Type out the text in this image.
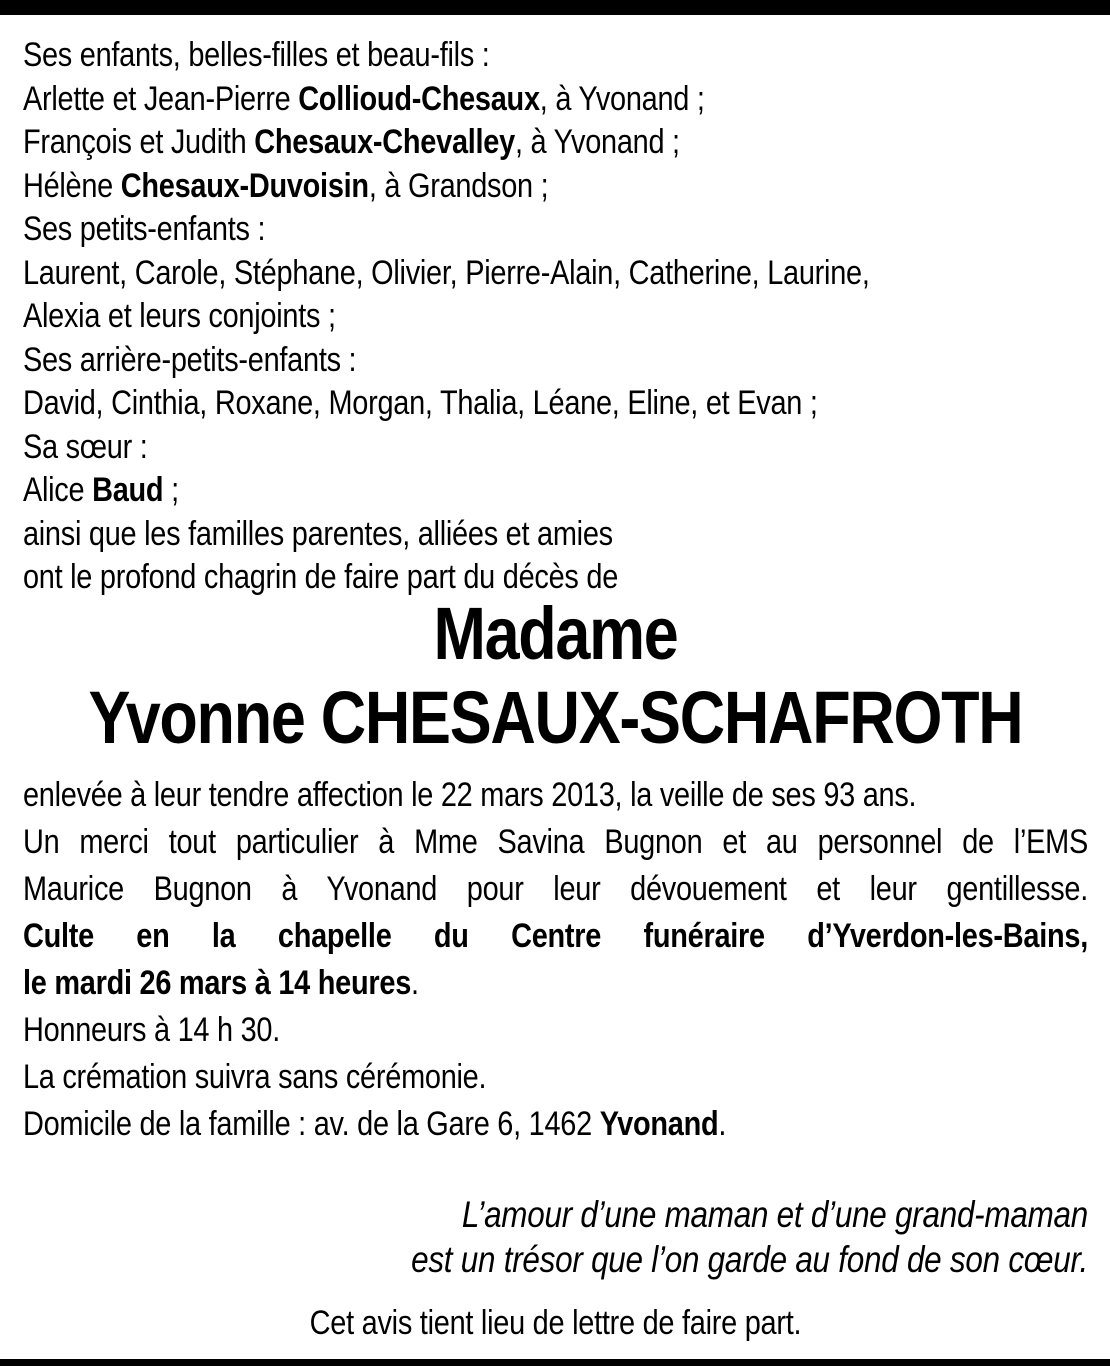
Ses enfants, belles-filles et beau-fils :
Arlette et Jean-Pierre Collioud-Chesaux, à Yvonand ;
François et Judith Chesaux-Chevalley, à Yvonand ;
Hélène Chesaux-Duvoisin, à Grandson ;
Ses petits-enfants :
Laurent, Carole, Stéphane, Olivier, Pierre-Alain, Catherine, Laurine,
Alexia et leurs conjoints ;
Ses arrière-petits-enfants :
David, Cinthia, Roxane, Morgan, Thalia, Léane, Eline, et Evan ;
Sa sœur :
Alice Baud ;
ainsi que les familles parentes, alliées et amies
ont le profond chagrin de faire part du décès de
Madame
Yvonne CHESAUX-SCHAFROTH
enlevée à leur tendre affection le 22 mars 2013, la veille de ses 93 ans.
Un merci tout particulier à Mme Savina Bugnon et au personnel de l’EMS
Maurice Bugnon à Yvonand pour leur dévouement et leur gentillesse.
Culte en la chapelle du Centre funéraire d’Yverdon-les-Bains,
le mardi 26 mars à 14 heures.
Honneurs à 14 h 30.
La crémation suivra sans cérémonie.
Domicile de la famille : av. de la Gare 6, 1462 Yvonand.
L’amour d’une maman et d’une grand-maman
est un trésor que l’on garde au fond de son cœur.
Cet avis tient lieu de lettre de faire part.
